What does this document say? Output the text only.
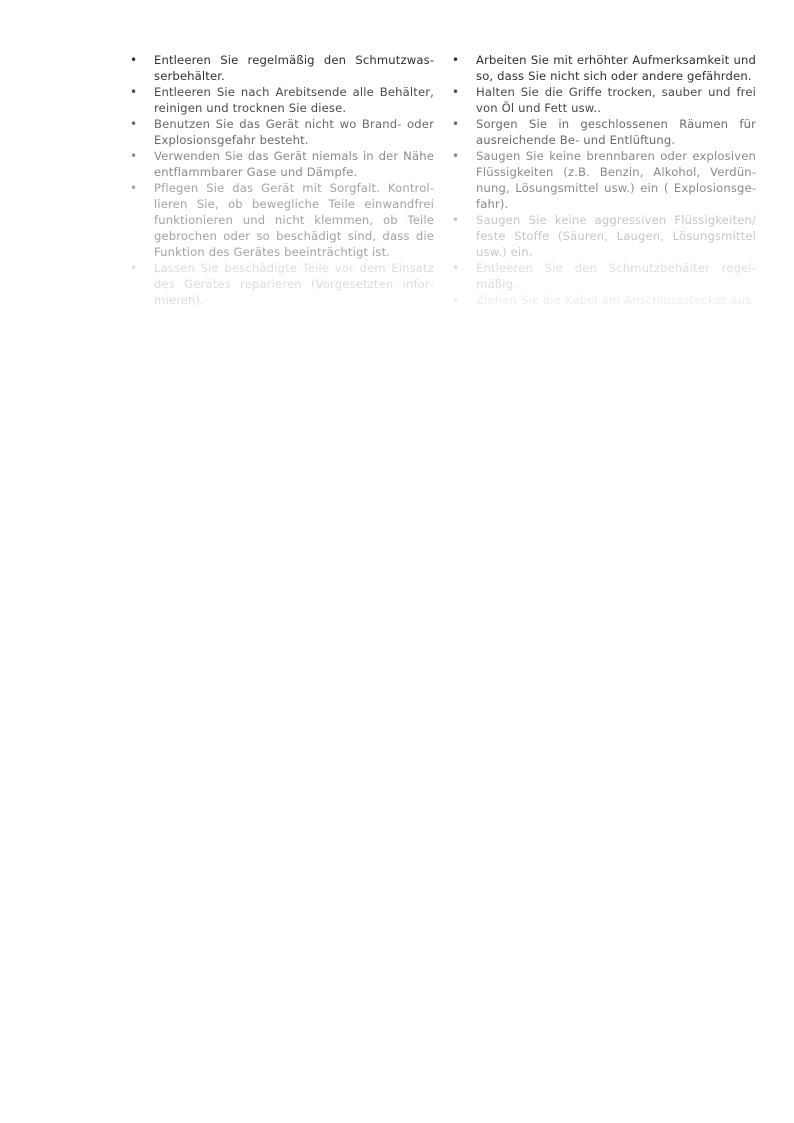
•	Entleeren Sie regelmäßig den Schmutzwasserbehälter.
•	Entleeren Sie nach Arebitsende alle Behälter, reinigen und trocknen Sie diese.
•	Benutzen Sie das Gerät nicht wo Brand- oder Explosionsgefahr besteht.
•	Verwenden Sie das Gerät niemals in der Nähe entflammbarer Gase und Dämpfe.
•	Pflegen Sie das Gerät mit Sorgfalt. Kontrollieren Sie, ob bewegliche Teile einwandfrei funktionieren und nicht klemmen, ob Teile gebrochen oder so beschädigt sind, dass die Funktion des Gerätes beeinträchtigt ist.
•	Lassen Sie beschädigte Teile vor dem Einsatz des Gerätes reparieren (Vorgesetzten informieren).
•	Arbeiten Sie mit erhöhter Aufmerksamkeit und so, dass Sie nicht sich oder andere gefährden.
•	Halten Sie die Griffe trocken, sauber und frei von Öl und Fett usw..
•	Sorgen Sie in geschlossenen Räumen für ausreichende Be- und Entlüftung.
•	Saugen Sie keine brennbaren oder explosiven Flüssigkeiten (z.B. Benzin, Alkohol, Verdünnung, Lösungsmittel usw.) ein ( Explosionsgefahr).
•	Saugen Sie keine aggressiven Flüssigkeiten/ feste Stoffe (Säuren, Laugen, Lösungsmittel usw.) ein.
•	Entleeren Sie den Schmutzbehälter regelmäßig.
•	Ziehen Sie die Kabel am Anschlussstecker aus
